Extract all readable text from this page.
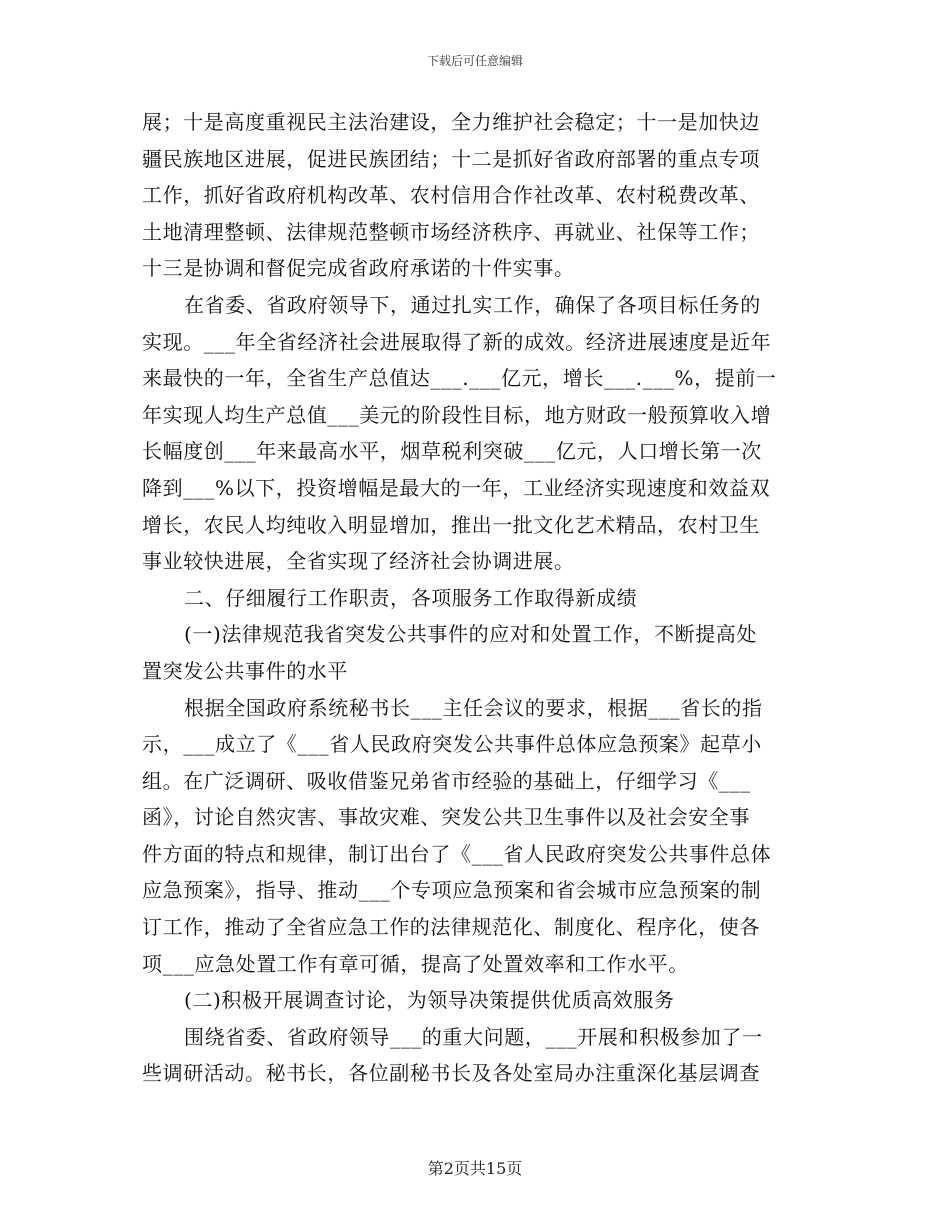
下载后可任意编辑
展；十是高度重视民主法治建设，全力维护社会稳定；十一是加快边
疆民族地区进展，促进民族团结；十二是抓好省政府部署的重点专项
工作，抓好省政府机构改革、农村信用合作社改革、农村税费改革、
土地清理整顿、法律规范整顿市场经济秩序、再就业、社保等工作；
十三是协调和督促完成省政府承诺的十件实事。
在省委、省政府领导下，通过扎实工作，确保了各项目标任务的
实现。___年全省经济社会进展取得了新的成效。经济进展速度是近年
来最快的一年，全省生产总值达___.___亿元，增长___.___%，提前一
年实现人均生产总值___美元的阶段性目标，地方财政一般预算收入增
长幅度创___年来最高水平，烟草税利突破___亿元，人口增长第一次
降到___%以下，投资增幅是最大的一年，工业经济实现速度和效益双
增长，农民人均纯收入明显增加，推出一批文化艺术精品，农村卫生
事业较快进展，全省实现了经济社会协调进展。
二、仔细履行工作职责，各项服务工作取得新成绩
(一)法律规范我省突发公共事件的应对和处置工作，不断提高处
置突发公共事件的水平
根据全国政府系统秘书长___主任会议的要求，根据___省长的指
示，___成立了《___省人民政府突发公共事件总体应急预案》起草小
组。在广泛调研、吸收借鉴兄弟省市经验的基础上，仔细学习《___
函》，讨论自然灾害、事故灾难、突发公共卫生事件以及社会安全事
件方面的特点和规律，制订出台了《___省人民政府突发公共事件总体
应急预案》，指导、推动___个专项应急预案和省会城市应急预案的制
订工作，推动了全省应急工作的法律规范化、制度化、程序化，使各
项___应急处置工作有章可循，提高了处置效率和工作水平。
(二)积极开展调查讨论，为领导决策提供优质高效服务
围绕省委、省政府领导___的重大问题，___开展和积极参加了一
些调研活动。秘书长，各位副秘书长及各处室局办注重深化基层调查
第2页共15页
